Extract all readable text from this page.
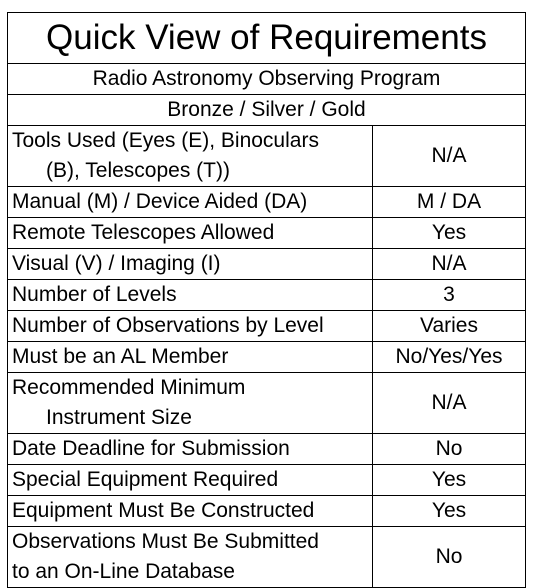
Quick View of Requirements	
Radio Astronomy Observing Program	
Bronze / Silver / Gold	

Tools Used (Eyes (E), Binoculars
(B), Telescopes (T))	N/A
Manual (M) / Device Aided (DA)	M / DA
Remote Telescopes Allowed	Yes
Visual (V) / Imaging (I)	N/A
Number of Levels	3
Number of Observations by Level	Varies
Must be an AL Member	No/Yes/Yes

Recommended Minimum
Instrument Size	N/A
Date Deadline for Submission	No
Special Equipment Required	Yes
Equipment Must Be Constructed	Yes

Observations Must Be Submitted
to an On-Line Database	No
